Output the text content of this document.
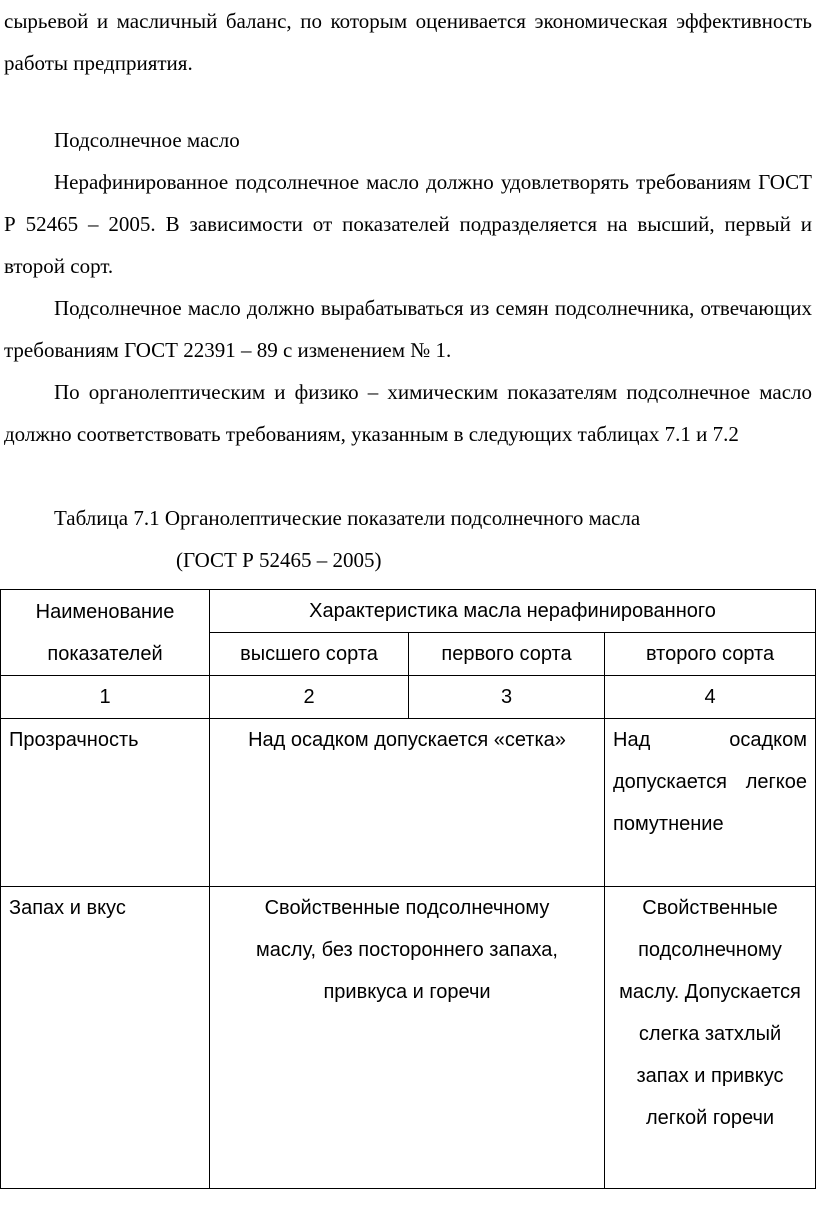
сырьевой и масличный баланс, по которым оценивается экономическая эффективность работы предприятия.

Подсолнечное масло

Нерафинированное подсолнечное масло должно удовлетворять требованиям ГОСТ Р 52465 – 2005. В зависимости от показателей подразделяется на высший, первый и второй сорт.

Подсолнечное масло должно вырабатываться из семян подсолнечника, отвечающих требованиям ГОСТ 22391 – 89 с изменением № 1.

По органолептическим и физико – химическим показателям подсолнечное масло должно соответствовать требованиям, указанным в следующих таблицах 7.1 и 7.2

Таблица 7.1 Органолептические показатели подсолнечного масла

(ГОСТ Р 52465 – 2005)

Наименование показателей	Характеристика масла нерафинированного		
	высшего сорта	первого сорта	второго сорта
1	2	3	4
Прозрачность	Над осадком допускается «сетка»		Над осадком допускается легкое помутнение
Запах и вкус	Свойственные подсолнечному маслу, без постороннего запаха, привкуса и горечи		Свойственные подсолнечному маслу. Допускается слегка затхлый запах и привкус легкой горечи
